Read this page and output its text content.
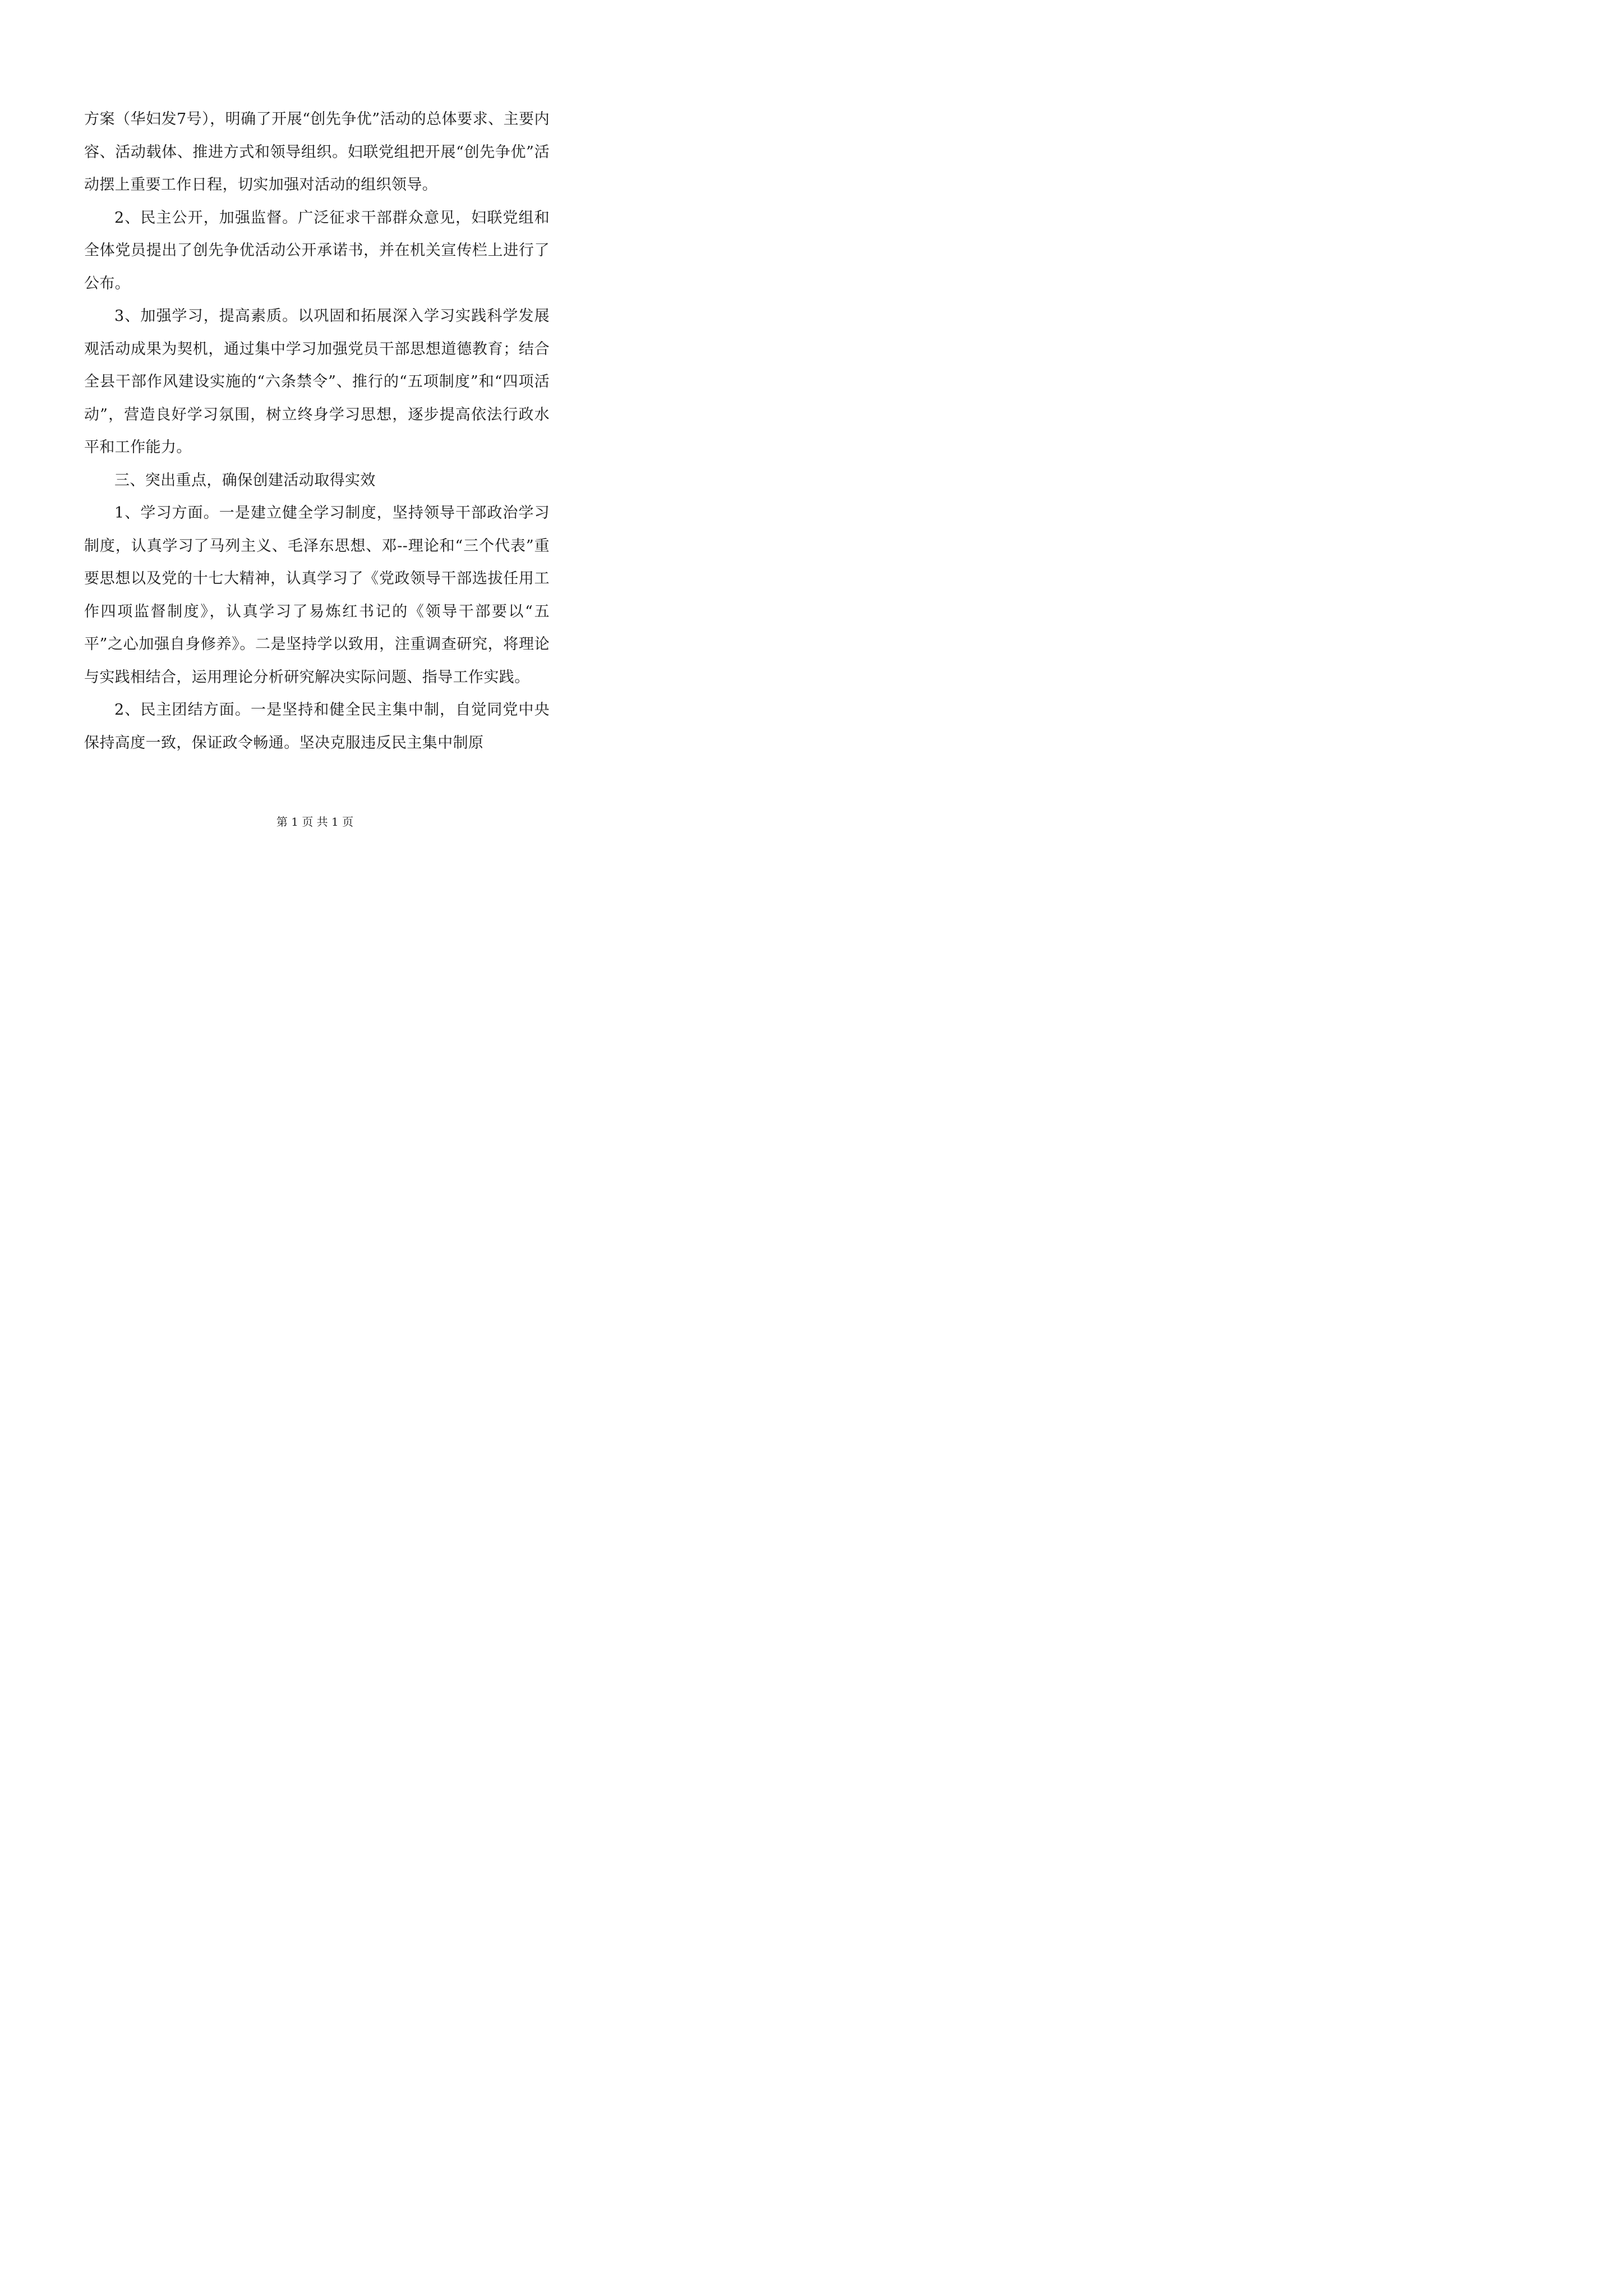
方案（华妇发7号），明确了开展“创先争优”活动的总体要求、主要内容、活动载体、推进方式和领导组织。妇联党组把开展“创先争优”活动摆上重要工作日程，切实加强对活动的组织领导。

2、民主公开，加强监督。广泛征求干部群众意见，妇联党组和全体党员提出了创先争优活动公开承诺书，并在机关宣传栏上进行了公布。

3、加强学习，提高素质。以巩固和拓展深入学习实践科学发展观活动成果为契机，通过集中学习加强党员干部思想道德教育；结合全县干部作风建设实施的“六条禁令”、推行的“五项制度”和“四项活动”，营造良好学习氛围，树立终身学习思想，逐步提高依法行政水平和工作能力。

三、突出重点，确保创建活动取得实效

1、学习方面。一是建立健全学习制度，坚持领导干部政治学习制度，认真学习了马列主义、毛泽东思想、邓--理论和“三个代表”重要思想以及党的十七大精神，认真学习了《党政领导干部选拔任用工作四项监督制度》，认真学习了易炼红书记的《领导干部要以“五平”之心加强自身修养》。二是坚持学以致用，注重调查研究，将理论与实践相结合，运用理论分析研究解决实际问题、指导工作实践。

2、民主团结方面。一是坚持和健全民主集中制，自觉同党中央保持高度一致，保证政令畅通。坚决克服违反民主集中制原

第 1 页 共 1 页
